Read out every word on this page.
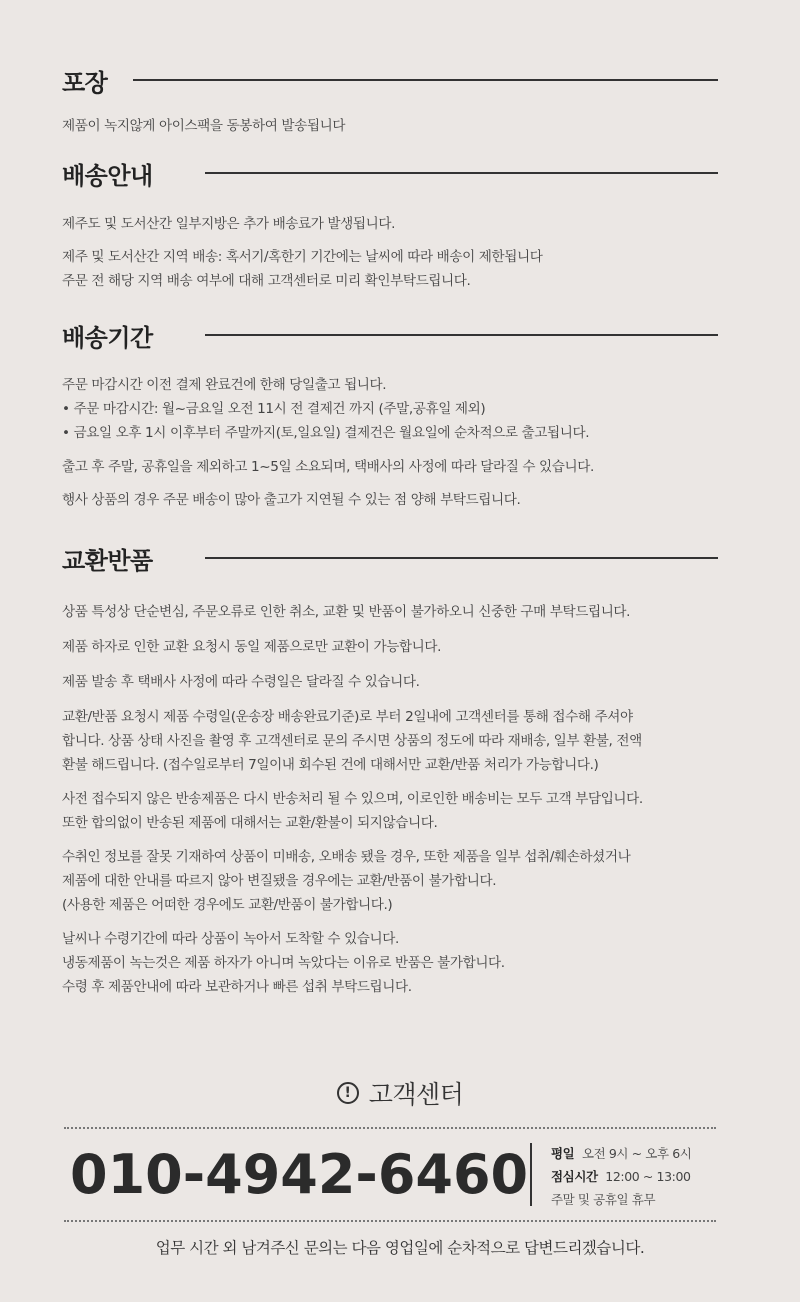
포장

제품이 녹지않게 아이스팩을 동봉하여 발송됩니다

배송안내

제주도 및 도서산간 일부지방은 추가 배송료가 발생됩니다.

제주 및 도서산간 지역 배송: 혹서기/혹한기 기간에는 날씨에 따라 배송이 제한됩니다
주문 전 해당 지역 배송 여부에 대해 고객센터로 미리 확인부탁드립니다.

배송기간

주문 마감시간 이전 결제 완료건에 한해 당일출고 됩니다.
• 주문 마감시간: 월~금요일 오전 11시 전 결제건 까지 (주말,공휴일 제외)
• 금요일 오후 1시 이후부터 주말까지(토,일요일) 결제건은 월요일에 순차적으로 출고됩니다.

출고 후 주말, 공휴일을 제외하고 1~5일 소요되며, 택배사의 사정에 따라 달라질 수 있습니다.

행사 상품의 경우 주문 배송이 많아 출고가 지연될 수 있는 점 양해 부탁드립니다.

교환반품

상품 특성상 단순변심, 주문오류로 인한 취소, 교환 및 반품이 불가하오니 신중한 구매 부탁드립니다.

제품 하자로 인한 교환 요청시 동일 제품으로만 교환이 가능합니다.

제품 발송 후 택배사 사정에 따라 수령일은 달라질 수 있습니다.

교환/반품 요청시 제품 수령일(운송장 배송완료기준)로 부터 2일내에 고객센터를 통해 접수해 주셔야
합니다. 상품 상태 사진을 촬영 후 고객센터로 문의 주시면 상품의 정도에 따라 재배송, 일부 환불, 전액
환불 해드립니다. (접수일로부터 7일이내 회수된 건에 대해서만 교환/반품 처리가 가능합니다.)

사전 접수되지 않은 반송제품은 다시 반송처리 될 수 있으며, 이로인한 배송비는 모두 고객 부담입니다.
또한 합의없이 반송된 제품에 대해서는 교환/환불이 되지않습니다.

수취인 정보를 잘못 기재하여 상품이 미배송, 오배송 됐을 경우, 또한 제품을 일부 섭취/훼손하셨거나
제품에 대한 안내를 따르지 않아 변질됐을 경우에는 교환/반품이 불가합니다.
(사용한 제품은 어떠한 경우에도 교환/반품이 불가합니다.)

날씨나 수령기간에 따라 상품이 녹아서 도착할 수 있습니다.
냉동제품이 녹는것은 제품 하자가 아니며 녹았다는 이유로 반품은 불가합니다.
수령 후 제품안내에 따라 보관하거나 빠른 섭취 부탁드립니다.

! 고객센터
010-4942-6460 평일 오전 9시 ~ 오후 6시
점심시간 12:00 ~ 13:00
주말 및 공휴일 휴무
업무 시간 외 남겨주신 문의는 다음 영업일에 순차적으로 답변드리겠습니다.
